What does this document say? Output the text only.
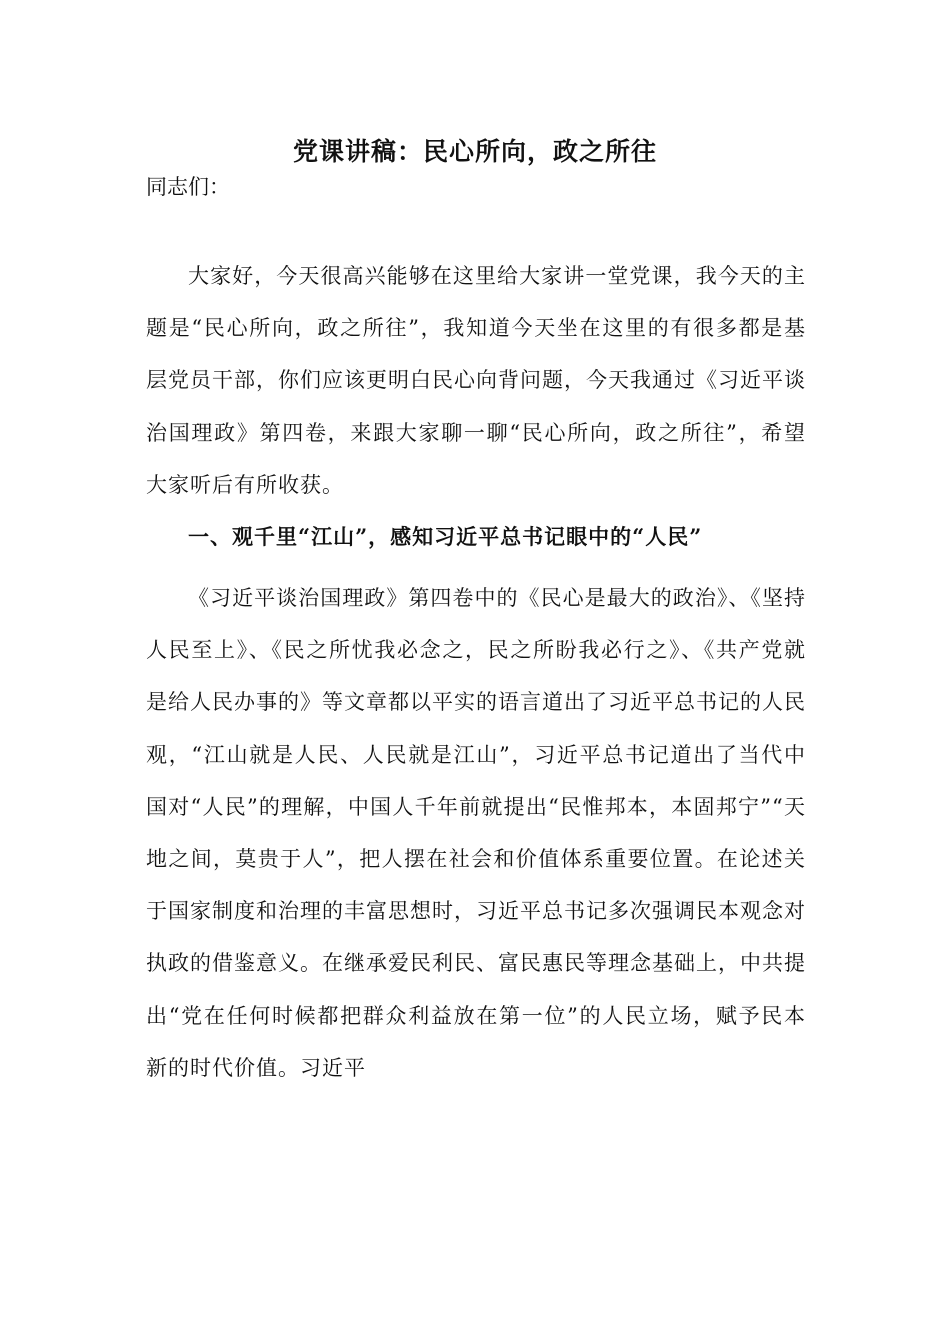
党课讲稿：民心所向，政之所往
同志们：

大家好，今天很高兴能够在这里给大家讲一堂党课，我今天的主题是“民心所向，政之所往”，我知道今天坐在这里的有很多都是基层党员干部，你们应该更明白民心向背问题，今天我通过《习近平谈治国理政》第四卷，来跟大家聊一聊“民心所向，政之所往”，希望大家听后有所收获。

一、观千里“江山”，感知习近平总书记眼中的“人民”

《习近平谈治国理政》第四卷中的《民心是最大的政治》、《坚持人民至上》、《民之所忧我必念之，民之所盼我必行之》、《共产党就是给人民办事的》等文章都以平实的语言道出了习近平总书记的人民观，“江山就是人民、人民就是江山”，习近平总书记道出了当代中国对“人民”的理解，中国人千年前就提出“民惟邦本，本固邦宁”“天地之间，莫贵于人”，把人摆在社会和价值体系重要位置。在论述关于国家制度和治理的丰富思想时，习近平总书记多次强调民本观念对执政的借鉴意义。在继承爱民利民、富民惠民等理念基础上，中共提出“党在任何时候都把群众利益放在第一位”的人民立场，赋予民本新的时代价值。习近平
